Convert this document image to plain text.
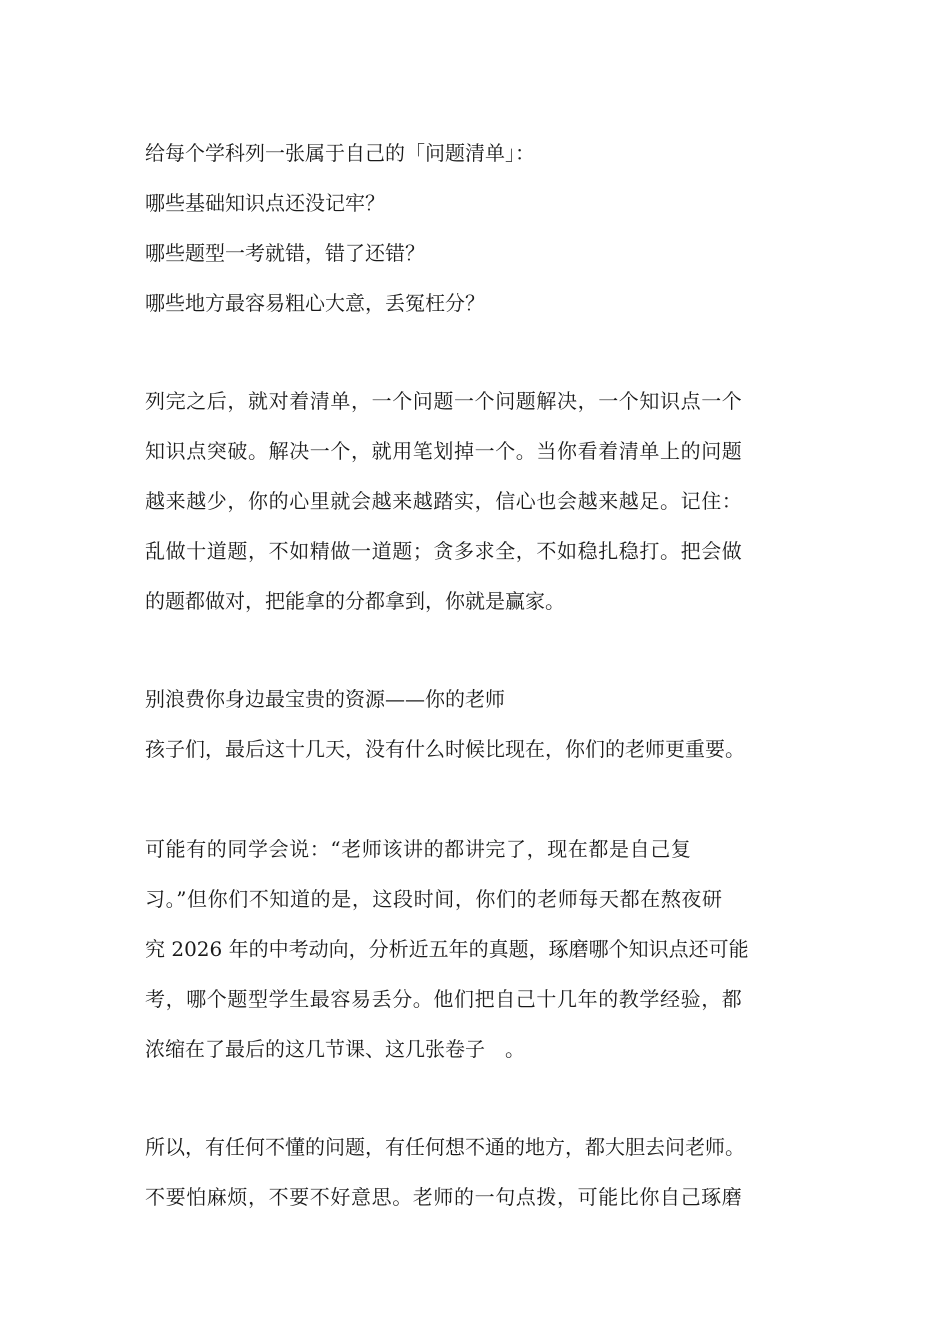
给每个学科列一张属于自己的「问题清单」：
哪些基础知识点还没记牢？
哪些题型一考就错，错了还错？
哪些地方最容易粗心大意，丢冤枉分？
列完之后，就对着清单，一个问题一个问题解决，一个知识点一个
知识点突破。解决一个，就用笔划掉一个。当你看着清单上的问题
越来越少，你的心里就会越来越踏实，信心也会越来越足。记住：
乱做十道题，不如精做一道题；贪多求全，不如稳扎稳打。把会做
的题都做对，把能拿的分都拿到，你就是赢家。
别浪费你身边最宝贵的资源——你的老师
孩子们，最后这十几天，没有什么时候比现在，你们的老师更重要。
可能有的同学会说：“老师该讲的都讲完了，现在都是自己复
习。”但你们不知道的是，这段时间，你们的老师每天都在熬夜研
究 2026 年的中考动向，分析近五年的真题，琢磨哪个知识点还可能
考，哪个题型学生最容易丢分。他们把自己十几年的教学经验，都
浓缩在了最后的这几节课、这几张卷子　。
所以，有任何不懂的问题，有任何想不通的地方，都大胆去问老师。
不要怕麻烦，不要不好意思。老师的一句点拨，可能比你自己琢磨
